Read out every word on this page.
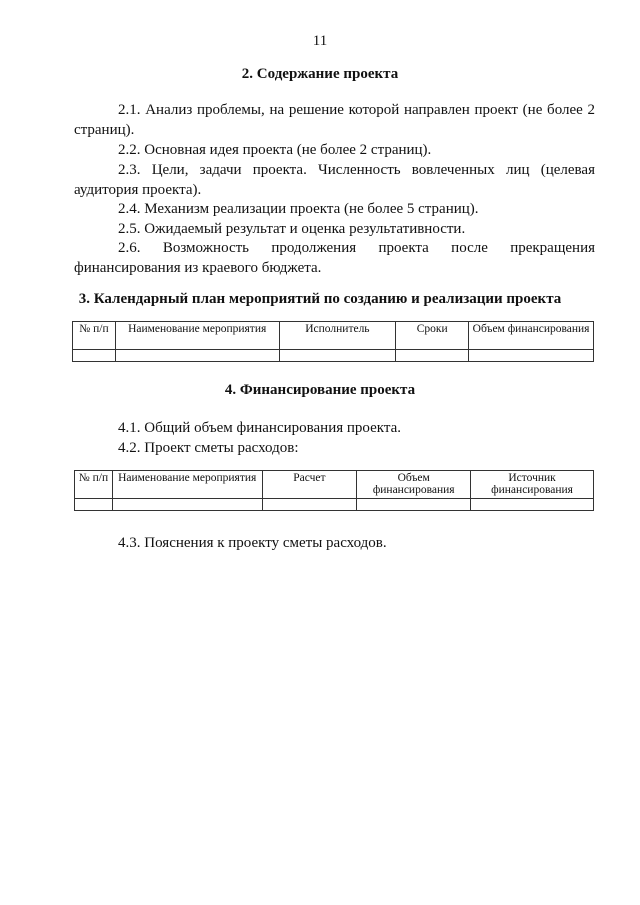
11
2. Содержание проекта
2.1. Анализ проблемы, на решение которой направлен проект (не более 2 страниц).
2.2. Основная идея проекта (не более 2 страниц).
2.3. Цели, задачи проекта. Численность вовлеченных лиц (целевая аудитория проекта).
2.4. Механизм реализации проекта (не более 5 страниц).
2.5. Ожидаемый результат и оценка результативности.
2.6. Возможность продолжения проекта после прекращения финансирования из краевого бюджета.
3. Календарный план мероприятий по созданию и реализации проекта
№ п/п	Наименование мероприятия	Исполнитель	Сроки	Объем финансирования

4. Финансирование проекта
4.1. Общий объем финансирования проекта.
4.2. Проект сметы расходов:
№ п/п	Наименование мероприятия	Расчет	Объем финансирования	Источник финансирования

4.3. Пояснения к проекту сметы расходов.
